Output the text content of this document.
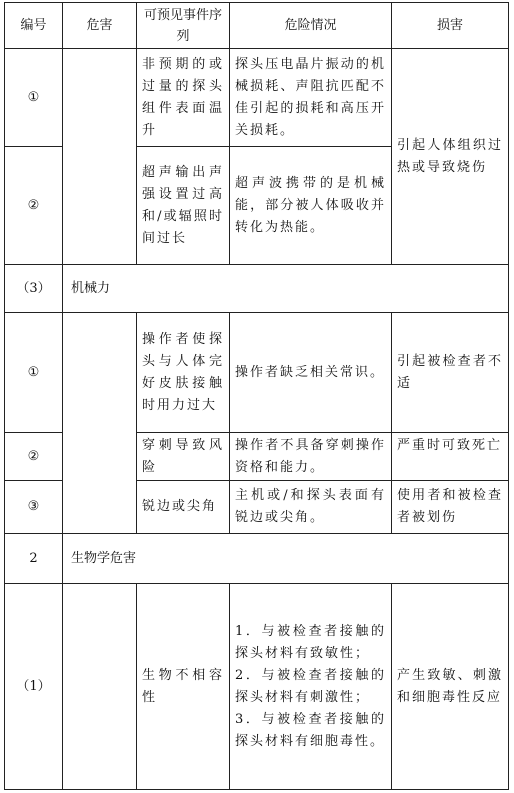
编号	危害	可预见事件序列	危险情况	损害
①		非预期的或过量的探头组件表面温升	探头压电晶片振动的机械损耗、声阻抗匹配不佳引起的损耗和高压开关损耗。	引起人体组织过热或导致烧伤
②		超声输出声强设置过高和/或辐照时间过长	超声波携带的是机械能，部分被人体吸收并转化为热能。	
（3）	机械力			
①		操作者使探头与人体完好皮肤接触时用力过大	操作者缺乏相关常识。	引起被检查者不适
②		穿刺导致风险	操作者不具备穿刺操作资格和能力。	严重时可致死亡
③		锐边或尖角	主机或/和探头表面有锐边或尖角。	使用者和被检查者被划伤
2	生物学危害			
（1）		生物不相容性	1．与被检查者接触的探头材料有致敏性；
2．与被检查者接触的探头材料有刺激性；
3．与被检查者接触的探头材料有细胞毒性。	产生致敏、刺激和细胞毒性反应
